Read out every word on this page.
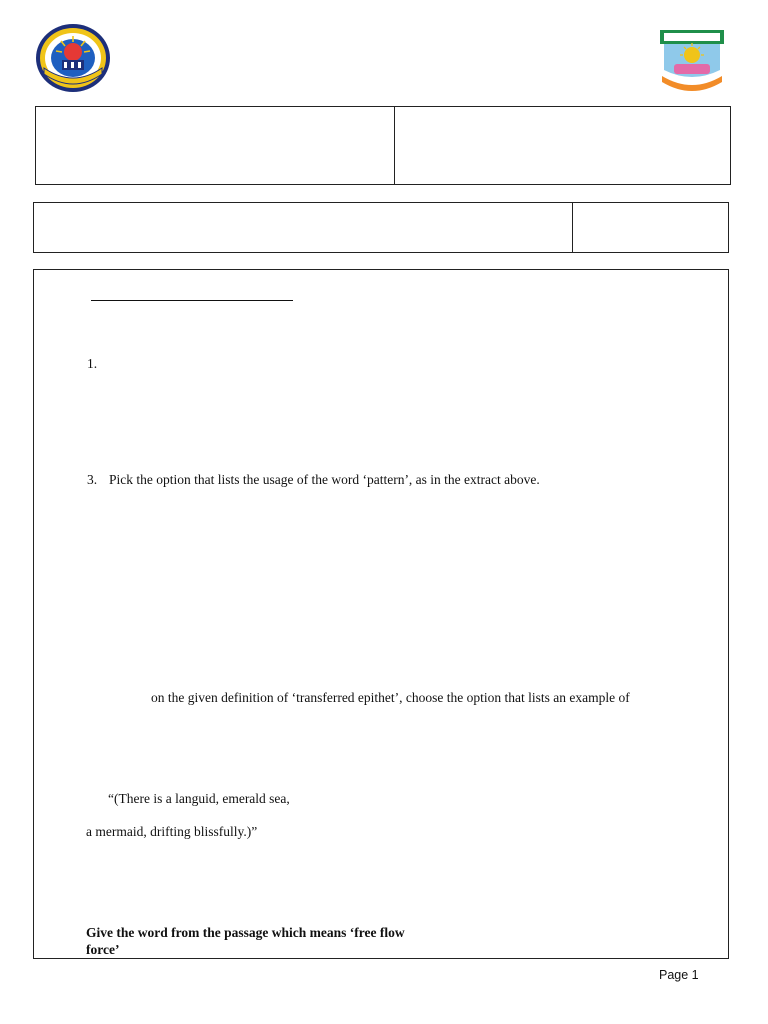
1.
3. Pick the option that lists the usage of the word ‘pattern’, as in the extract above.
on the given definition of ‘transferred epithet’, choose the option that lists an example of
“(There is a languid, emerald sea,
a mermaid, drifting blissfully.)”
Give the word from the passage which means ‘free flow
force’
Page 1
